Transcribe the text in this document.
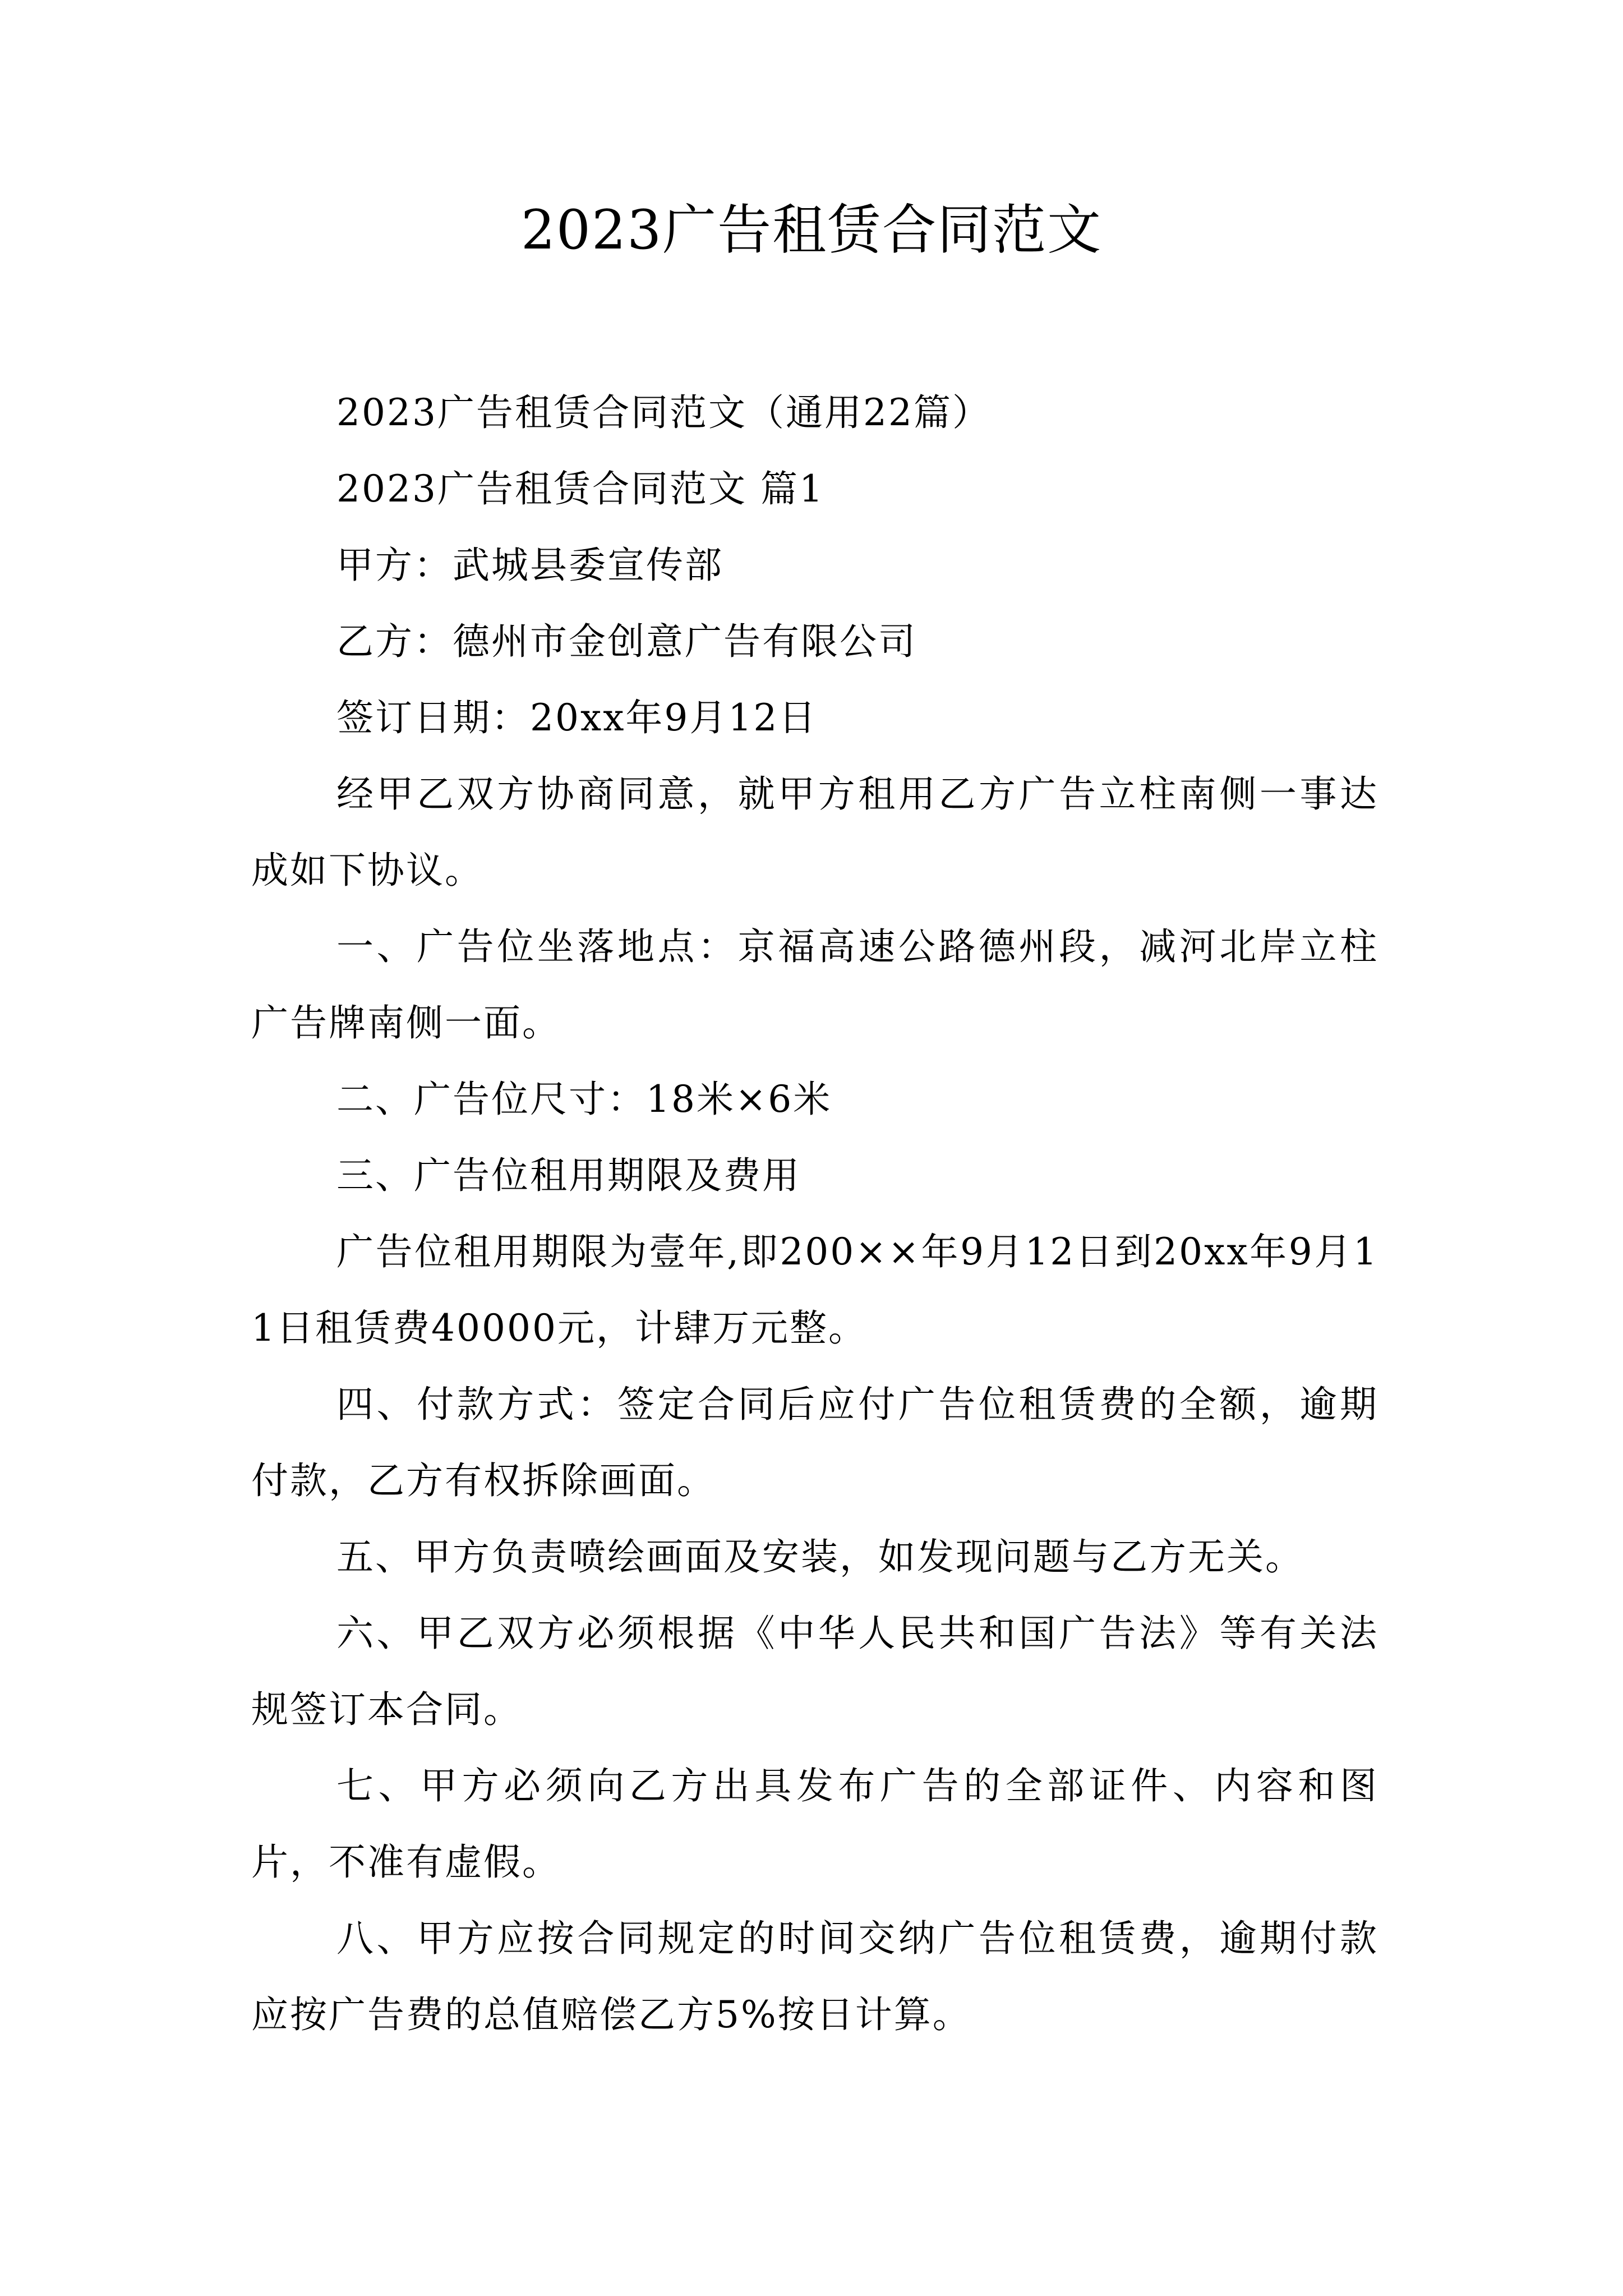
2023广告租赁合同范文

2023广告租赁合同范文（通用22篇）

2023广告租赁合同范文 篇1

甲方：武城县委宣传部

乙方：德州市金创意广告有限公司

签订日期：20xx年9月12日

经甲乙双方协商同意，就甲方租用乙方广告立柱南侧一事达成如下协议。

一、广告位坐落地点：京福高速公路德州段，减河北岸立柱广告牌南侧一面。

二、广告位尺寸：18米×6米

三、广告位租用期限及费用

广告位租用期限为壹年,即200××年9月12日到20xx年9月11日租赁费40000元，计肆万元整。

四、付款方式：签定合同后应付广告位租赁费的全额，逾期付款，乙方有权拆除画面。

五、甲方负责喷绘画面及安装，如发现问题与乙方无关。

六、甲乙双方必须根据《中华人民共和国广告法》等有关法规签订本合同。

七、甲方必须向乙方出具发布广告的全部证件、内容和图片，不准有虚假。

八、甲方应按合同规定的时间交纳广告位租赁费，逾期付款应按广告费的总值赔偿乙方5%按日计算。
